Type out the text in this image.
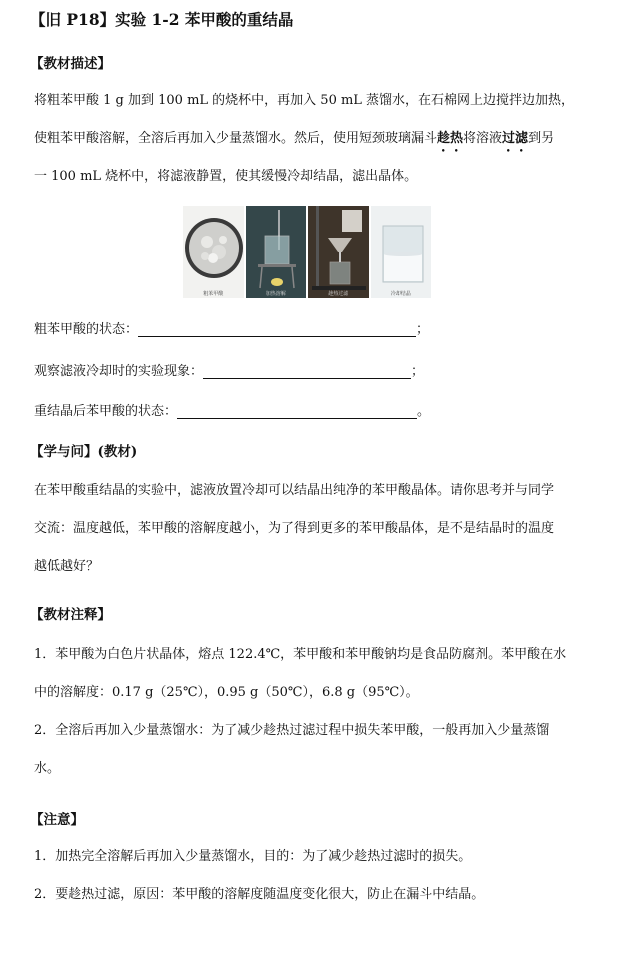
【旧 P18】实验 1-2 苯甲酸的重结晶
【教材描述】
将粗苯甲酸 1 g 加到 100 mL 的烧杯中，再加入 50 mL 蒸馏水，在石棉网上边搅拌边加热，
使粗苯甲酸溶解，全溶后再加入少量蒸馏水。然后，使用短颈玻璃漏斗趁热将溶液过滤到另
一 100 mL 烧杯中，将滤液静置，使其缓慢冷却结晶，滤出晶体。
粗苯甲酸	加热溶解	趁热过滤	冷却结晶
粗苯甲酸的状态：	；
观察滤液冷却时的实验现象：	；
重结晶后苯甲酸的状态：	。
【学与问】(教材)
在苯甲酸重结晶的实验中，滤液放置冷却可以结晶出纯净的苯甲酸晶体。请你思考并与同学
交流：温度越低，苯甲酸的溶解度越小，为了得到更多的苯甲酸晶体，是不是结晶时的温度
越低越好？
【教材注释】
1．苯甲酸为白色片状晶体，熔点 122.4℃，苯甲酸和苯甲酸钠均是食品防腐剂。苯甲酸在水
中的溶解度：0.17 g（25℃），0.95 g（50℃），6.8 g（95℃）。
2．全溶后再加入少量蒸馏水：为了减少趁热过滤过程中损失苯甲酸，一般再加入少量蒸馏
水。
【注意】
1．加热完全溶解后再加入少量蒸馏水，目的：为了减少趁热过滤时的损失。
2．要趁热过滤，原因：苯甲酸的溶解度随温度变化很大，防止在漏斗中结晶。
